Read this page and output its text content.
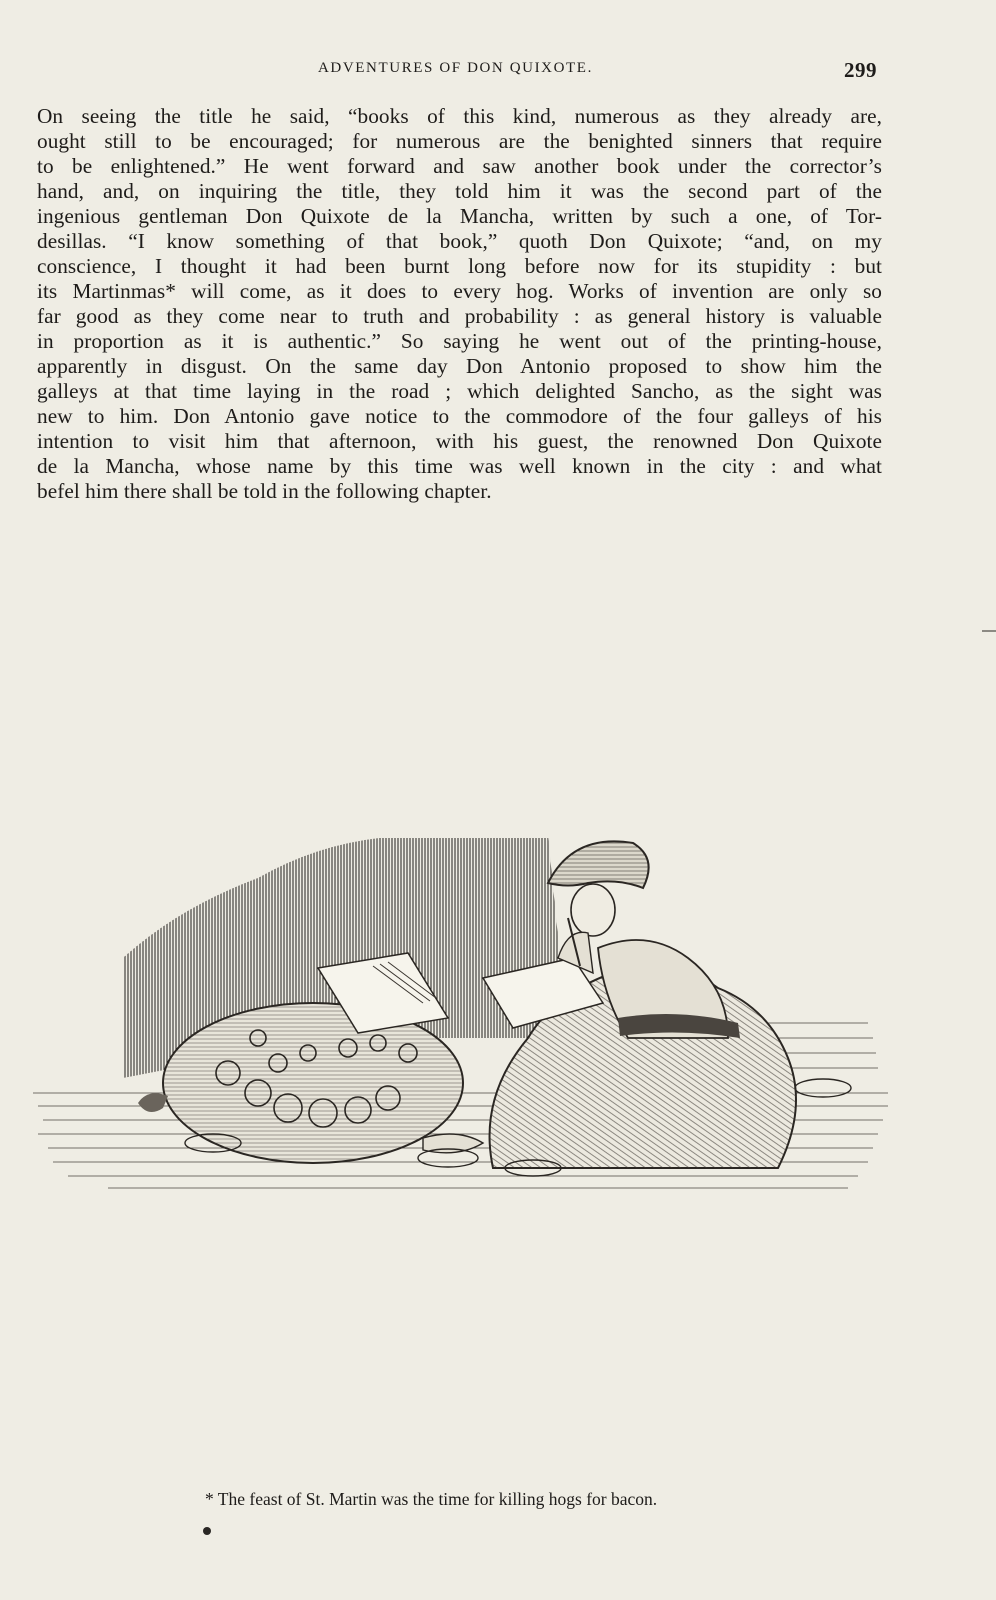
ADVENTURES OF DON QUIXOTE.	299
On seeing the title he said, “books of this kind, numerous as they already are,
ought still to be encouraged; for numerous are the benighted sinners that require
to be enlightened.” He went forward and saw another book under the corrector’s
hand, and, on inquiring the title, they told him it was the second part of the
ingenious gentleman Don Quixote de la Mancha, written by such a one, of Tor-
desillas. “I know something of that book,” quoth Don Quixote; “and, on my
conscience, I thought it had been burnt long before now for its stupidity : but
its Martinmas* will come, as it does to every hog. Works of invention are only so
far good as they come near to truth and probability : as general history is valuable
in proportion as it is authentic.” So saying he went out of the printing-house,
apparently in disgust. On the same day Don Antonio proposed to show him the
galleys at that time laying in the road ; which delighted Sancho, as the sight was
new to him. Don Antonio gave notice to the commodore of the four galleys of his
intention to visit him that afternoon, with his guest, the renowned Don Quixote
de la Mancha, whose name by this time was well known in the city : and what
befel him there shall be told in the following chapter.
* The feast of St. Martin was the time for killing hogs for bacon.
